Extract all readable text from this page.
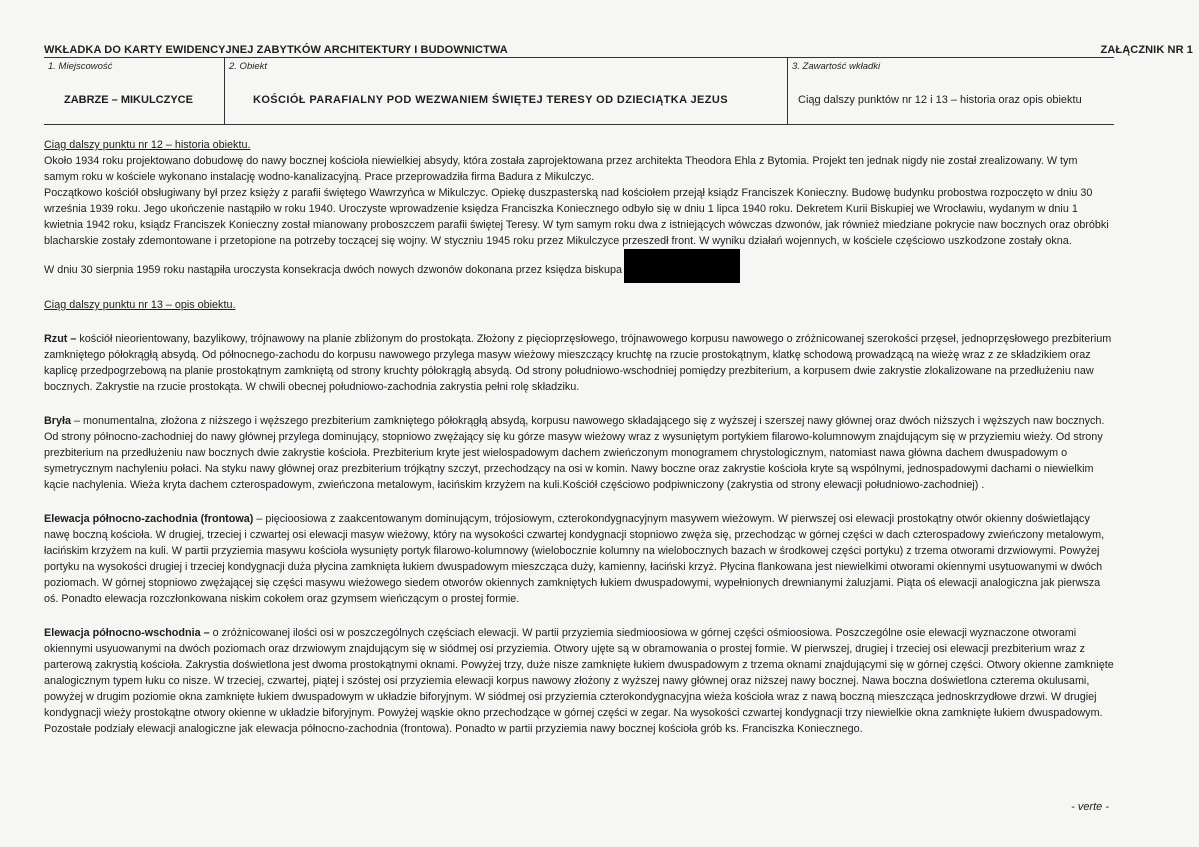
WKŁADKA DO KARTY EWIDENCYJNEJ ZABYTKÓW ARCHITEKTURY I BUDOWNICTWA	ZAŁĄCZNIK NR 1
1. Miejscowość
ZABRZE – MIKULCZYCE
2. Obiekt
KOŚCIÓŁ PARAFIALNY POD WEZWANIEM ŚWIĘTEJ TERESY OD DZIECIĄTKA JEZUS
3. Zawartość wkładki
Ciąg dalszy punktów nr 12 i 13 – historia oraz opis obiektu

Ciąg dalszy punktu nr 12 – historia obiektu.

Około 1934 roku projektowano dobudowę do nawy bocznej kościoła niewielkiej absydy, która została zaprojektowana przez architekta Theodora Ehla z Bytomia. Projekt ten jednak nigdy nie został zrealizowany. W tym samym roku w kościele wykonano instalację wodno-kanalizacyjną. Prace przeprowadziła firma Badura z Mikulczyc.

Początkowo kościół obsługiwany był przez księży z parafii świętego Wawrzyńca w Mikulczyc. Opiekę duszpasterską nad kościołem przejął ksiądz Franciszek Konieczny. Budowę budynku probostwa rozpoczęto w dniu 30 września 1939 roku. Jego ukończenie nastąpiło w roku 1940. Uroczyste wprowadzenie księdza Franciszka Koniecznego odbyło się w dniu 1 lipca 1940 roku. Dekretem Kurii Biskupiej we Wrocławiu, wydanym w dniu 1 kwietnia 1942 roku, ksiądz Franciszek Konieczny został mianowany proboszczem parafii świętej Teresy. W tym samym roku dwa z istniejących wówczas dzwonów, jak również miedziane pokrycie naw bocznych oraz obróbki blacharskie zostały zdemontowane i przetopione na potrzeby toczącej się wojny. W styczniu 1945 roku przez Mikulczyce przeszedł front. W wyniku działań wojennych, w kościele częściowo uszkodzone zostały okna.

W dniu 30 sierpnia 1959 roku nastąpiła uroczysta konsekracja dwóch nowych dzwonów dokonana przez księdza biskupa

Ciąg dalszy punktu nr 13 – opis obiektu.

Rzut – kościół nieorientowany, bazylikowy, trójnawowy na planie zbliżonym do prostokąta. Złożony z pięcioprzęsłowego, trójnawowego korpusu nawowego o zróżnicowanej szerokości przęseł, jednoprzęsłowego prezbiterium zamkniętego półokrągłą absydą. Od północnego-zachodu do korpusu nawowego przylega masyw wieżowy mieszczący kruchtę na rzucie prostokątnym, klatkę schodową prowadzącą na wieżę wraz z ze składzikiem oraz kaplicę przedpogrzebową na planie prostokątnym zamkniętą od strony kruchty półokrągłą absydą. Od strony południowo-wschodniej pomiędzy prezbiterium, a korpusem dwie zakrystie zlokalizowane na przedłużeniu naw bocznych. Zakrystie na rzucie prostokąta. W chwili obecnej południowo-zachodnia zakrystia pełni rolę składziku.

Bryła – monumentalna, złożona z niższego i węższego prezbiterium zamkniętego półokrągłą absydą, korpusu nawowego składającego się z wyższej i szerszej nawy głównej oraz dwóch niższych i węższych naw bocznych. Od strony północno-zachodniej do nawy głównej przylega dominujący, stopniowo zwężający się ku górze masyw wieżowy wraz z wysuniętym portykiem filarowo-kolumnowym znajdującym się w przyziemiu wieży. Od strony prezbiterium na przedłużeniu naw bocznych dwie zakrystie kościoła. Prezbiterium kryte jest wielospadowym dachem zwieńczonym monogramem chrystologicznym, natomiast nawa główna dachem dwuspadowym o symetrycznym nachyleniu połaci. Na styku nawy głównej oraz prezbiterium trójkątny szczyt, przechodzący na osi w komin. Nawy boczne oraz zakrystie kościoła kryte są wspólnymi, jednospadowymi dachami o niewielkim kącie nachylenia. Wieża kryta dachem czterospadowym, zwieńczona metalowym, łacińskim krzyżem na kuli.Kościół częściowo podpiwniczony (zakrystia od strony elewacji południowo-zachodniej) .

Elewacja północno-zachodnia (frontowa) – pięcioosiowa z zaakcentowanym dominującym, trójosiowym, czterokondygnacyjnym masywem wieżowym. W pierwszej osi elewacji prostokątny otwór okienny doświetlający nawę boczną kościoła. W drugiej, trzeciej i czwartej osi elewacji masyw wieżowy, który na wysokości czwartej kondygnacji stopniowo zwęża się, przechodząc w górnej części w dach czterospadowy zwieńczony metalowym, łacińskim krzyżem na kuli. W partii przyziemia masywu kościoła wysunięty portyk filarowo-kolumnowy (wielobocznie kolumny na wielobocznych bazach w środkowej części portyku) z trzema otworami drzwiowymi. Powyżej portyku na wysokości drugiej i trzeciej kondygnacji duża płycina zamknięta łukiem dwuspadowym mieszcząca duży, kamienny, łaciński krzyż. Płycina flankowana jest niewielkimi otworami okiennymi usytuowanymi w dwóch poziomach. W górnej stopniowo zwężającej się części masywu wieżowego siedem otworów okiennych zamkniętych łukiem dwuspadowymi, wypełnionych drewnianymi żaluzjami. Piąta oś elewacji analogiczna jak pierwsza oś. Ponadto elewacja rozczłonkowana niskim cokołem oraz gzymsem wieńczącym o prostej formie.

Elewacja północno-wschodnia – o zróżnicowanej ilości osi w poszczególnych częściach elewacji. W partii przyziemia siedmioosiowa w górnej części ośmioosiowa. Poszczególne osie elewacji wyznaczone otworami okiennymi usyuowanymi na dwóch poziomach oraz drzwiowym znajdującym się w siódmej osi przyziemia. Otwory ujęte są w obramowania o prostej formie. W pierwszej, drugiej i trzeciej osi elewacji prezbiterium wraz z parterową zakrystią kościoła. Zakrystia doświetlona jest dwoma prostokątnymi oknami. Powyżej trzy, duże nisze zamknięte łukiem dwuspadowym z trzema oknami znajdującymi się w górnej części. Otwory okienne zamknięte analogicznym typem łuku co nisze. W trzeciej, czwartej, piątej i szóstej osi przyziemia elewacji korpus nawowy złożony z wyższej nawy głównej oraz niższej nawy bocznej. Nawa boczna doświetlona czterema okulusami, powyżej w drugim poziomie okna zamknięte łukiem dwuspadowym w układzie biforyjnym. W siódmej osi przyziemia czterokondygnacyjna wieża kościoła wraz z nawą boczną mieszcząca jednoskrzydłowe drzwi. W drugiej kondygnacji wieży prostokątne otwory okienne w układzie biforyjnym. Powyżej wąskie okno przechodzące w górnej części w zegar. Na wysokości czwartej kondygnacji trzy niewielkie okna zamknięte łukiem dwuspadowym. Pozostałe podziały elewacji analogiczne jak elewacja północno-zachodnia (frontowa). Ponadto w partii przyziemia nawy bocznej kościoła grób ks. Franciszka Koniecznego.

- verte -
